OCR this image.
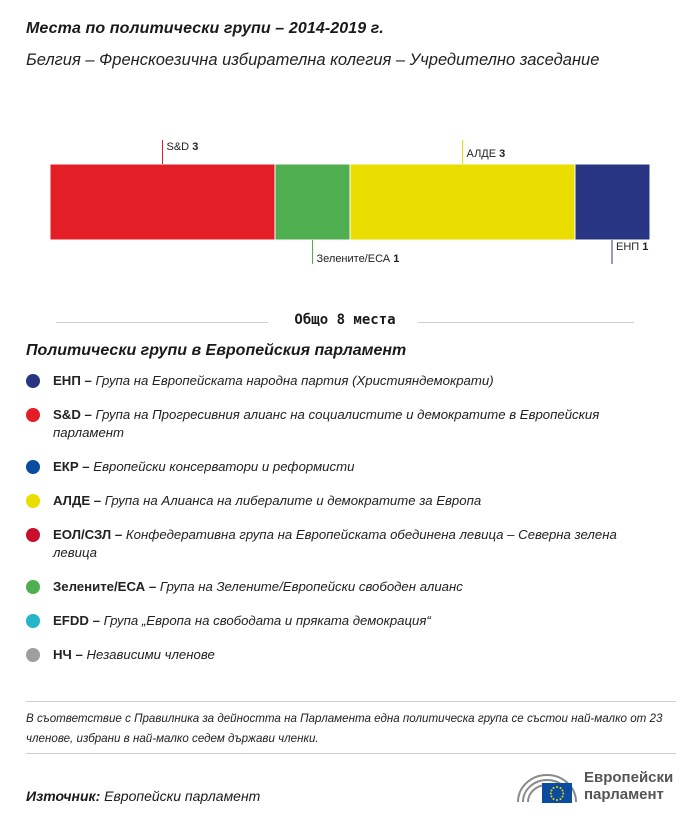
Места по политически групи – 2014-2019 г.
Белгия – Френскоезична избирателна колегия – Учредително заседание
S&D 3
Зелените/ЕСА 1
АЛДЕ 3
ЕНП 1
Общо 8 места
Политически групи в Европейския парламент
ЕНП – Група на Европейската народна партия (Християндемократи)
S&D – Група на Прогресивния алианс на социалистите и демократите в Европейския парламент
ЕКР – Европейски консерватори и реформисти
АЛДЕ – Група на Алианса на либералите и демократите за Европа
ЕОЛ/СЗЛ – Конфедеративна група на Европейската обединена левица – Северна зелена левица
Зелените/ЕСА – Група на Зелените/Европейски свободен алианс
EFDD – Група „Европа на свободата и пряката демокрация“
НЧ – Независими членове
В съответствие с Правилника за дейността на Парламента една политическа група се състои най-малко от 23 членове, избрани в най-малко седем държави членки.
Източник: Европейски парламент
Европейски
парламент
